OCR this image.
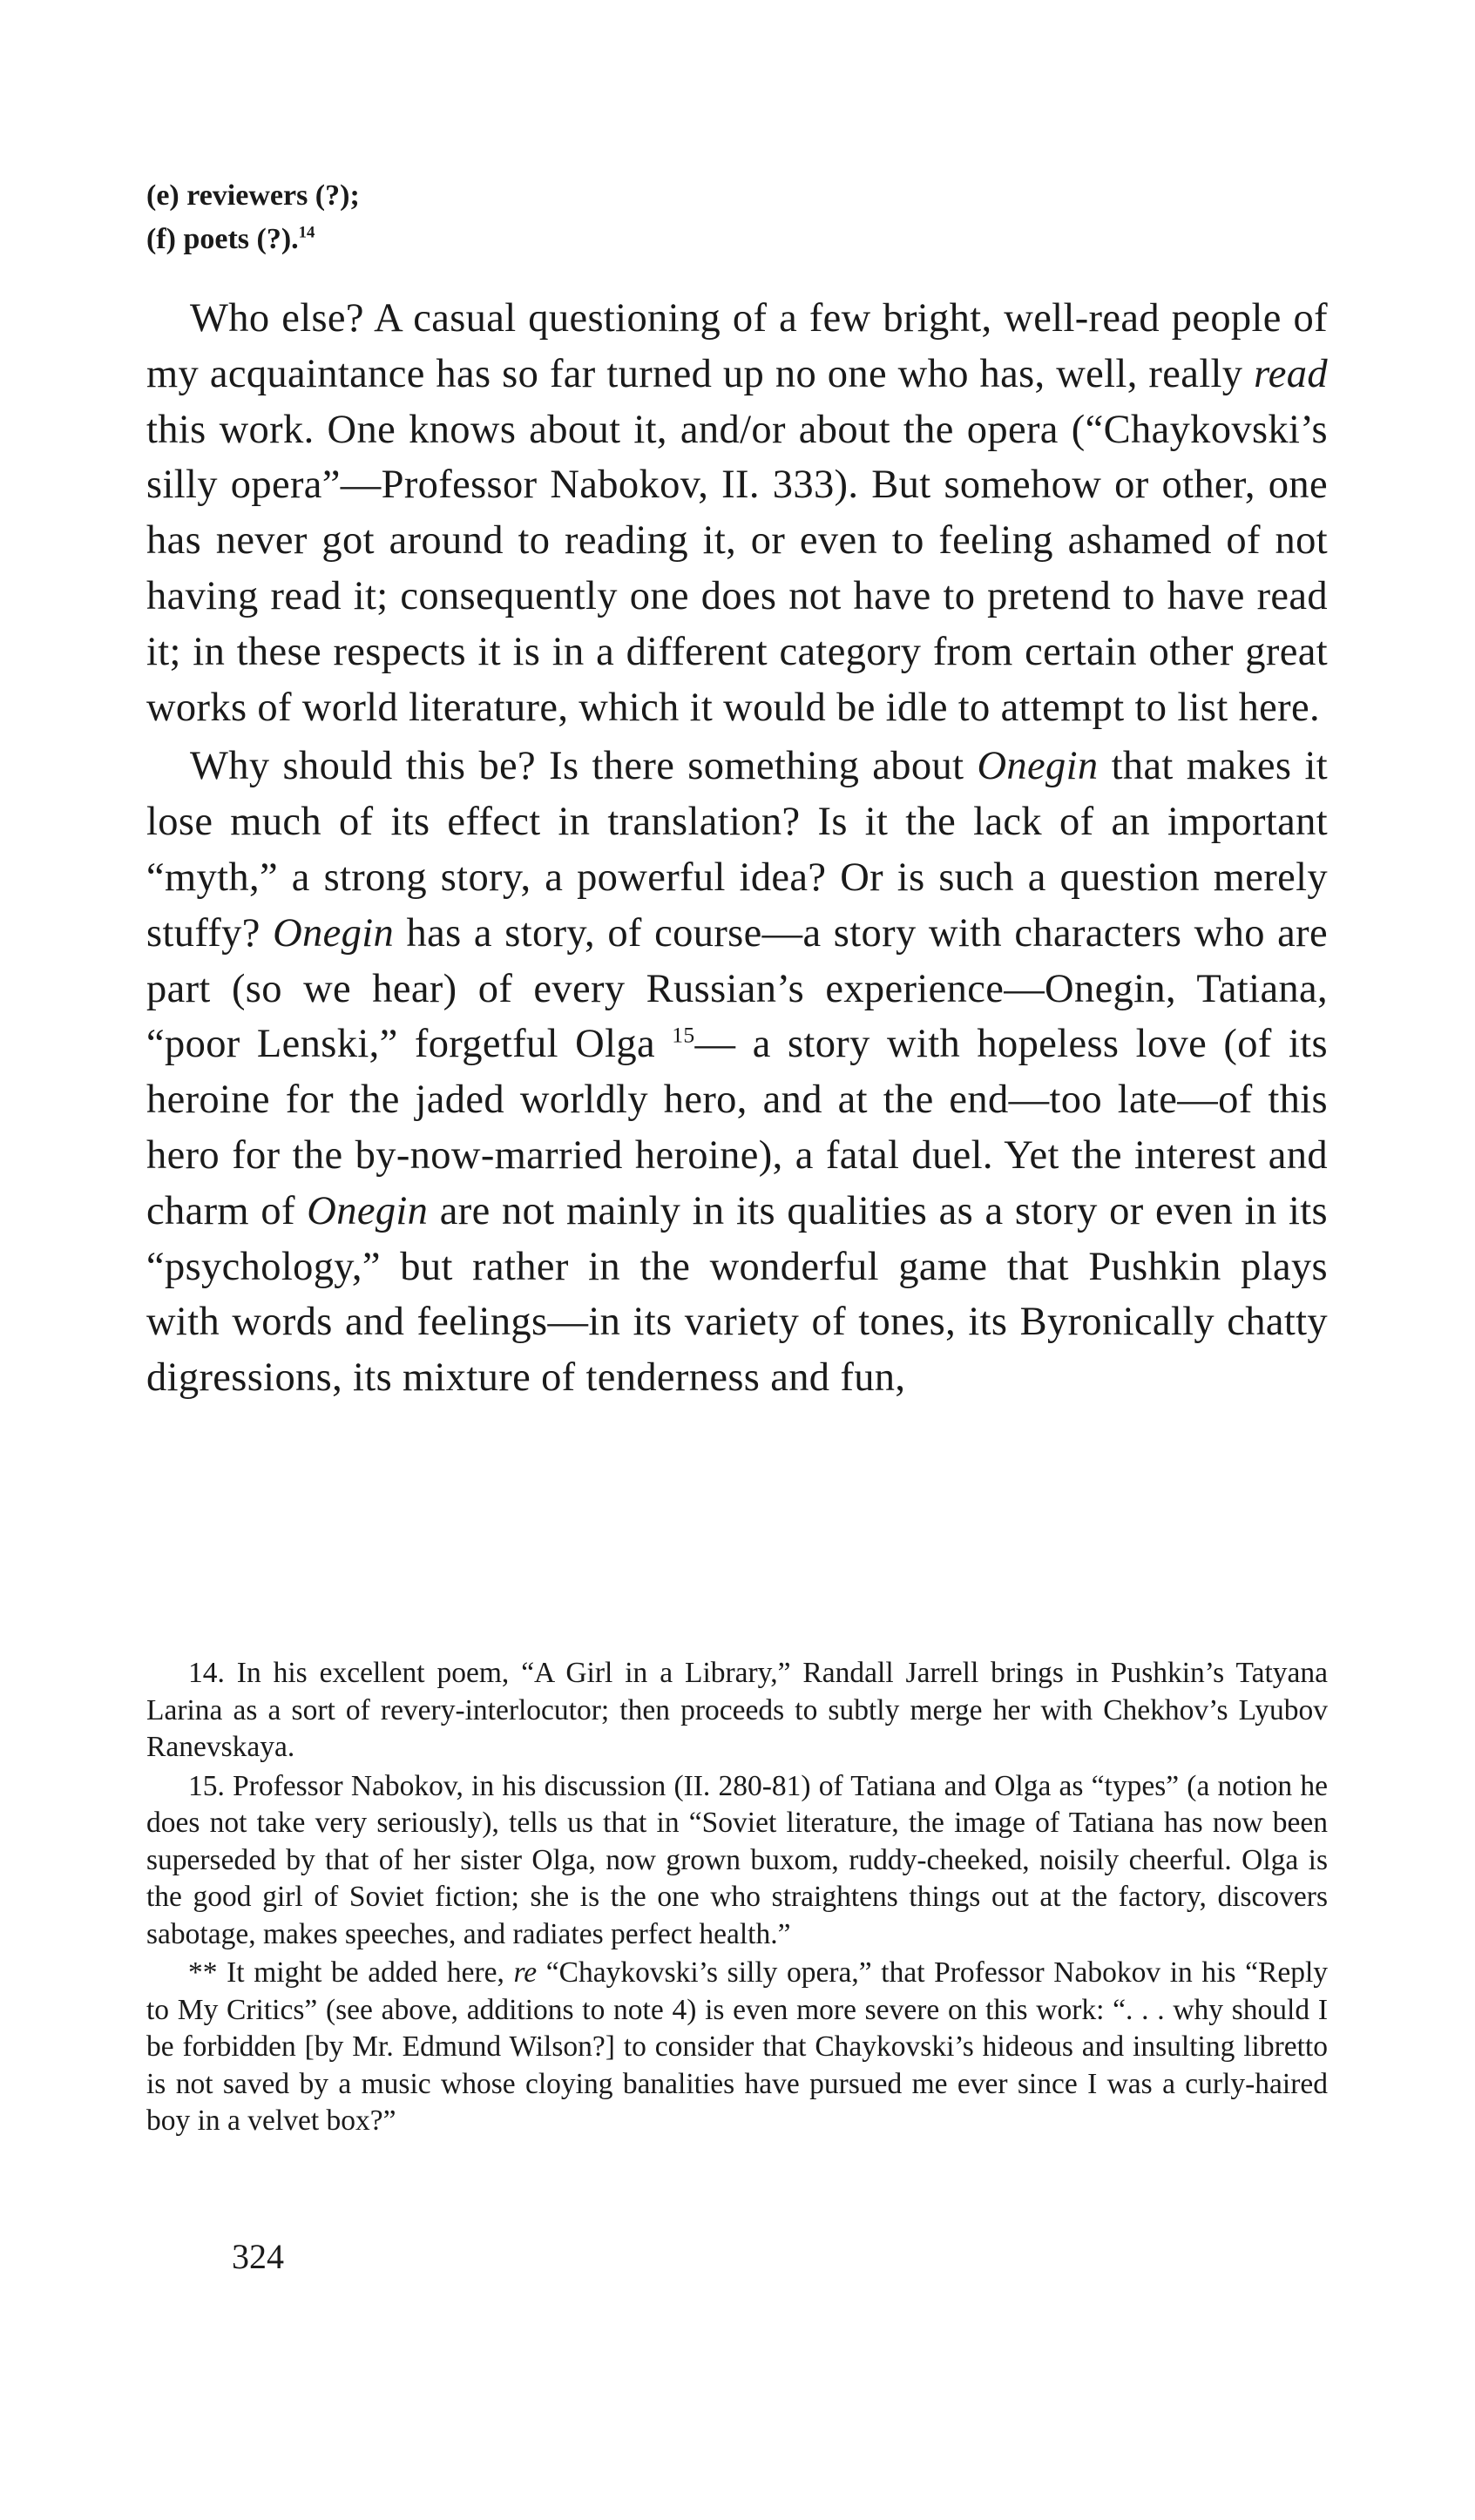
(e) reviewers (?);
(f) poets (?).$^{14}$

Who else? A casual questioning of a few bright, well-read people of my acquaintance has so far turned up no one who has, well, really read this work. One knows about it, and/or about the opera (“Chaykovski’s silly opera”—Professor Nabokov, II. 333). But somehow or other, one has never got around to reading it, or even to feeling ashamed of not having read it; consequently one does not have to pretend to have read it; in these respects it is in a different category from certain other great works of world literature, which it would be idle to attempt to list here.

Why should this be? Is there something about Onegin that makes it lose much of its effect in translation? Is it the lack of an important “myth,” a strong story, a powerful idea? Or is such a question merely stuffy? Onegin has a story, of course—a story with characters who are part (so we hear) of every Russian’s experience—Onegin, Tatiana, “poor Lenski,” forgetful Olga $^{15}$— a story with hopeless love (of its heroine for the jaded worldly hero, and at the end—too late—of this hero for the by-now-married heroine), a fatal duel. Yet the interest and charm of Onegin are not mainly in its qualities as a story or even in its “psychology,” but rather in the wonderful game that Pushkin plays with words and feelings—in its variety of tones, its Byronically chatty digressions, its mixture of tenderness and fun,

14. In his excellent poem, “A Girl in a Library,” Randall Jarrell brings in Pushkin’s Tatyana Larina as a sort of revery-interlocutor; then proceeds to subtly merge her with Chekhov’s Lyubov Ranevskaya.

15. Professor Nabokov, in his discussion (II. 280-81) of Tatiana and Olga as “types” (a notion he does not take very seriously), tells us that in “Soviet literature, the image of Tatiana has now been superseded by that of her sister Olga, now grown buxom, ruddy-cheeked, noisily cheerful. Olga is the good girl of Soviet fiction; she is the one who straightens things out at the factory, discovers sabotage, makes speeches, and radiates perfect health.”

** It might be added here, re “Chaykovski’s silly opera,” that Professor Nabokov in his “Reply to My Critics” (see above, additions to note 4) is even more severe on this work: “. . . why should I be forbidden [by Mr. Edmund Wilson?] to consider that Chaykovski’s hideous and insulting libretto is not saved by a music whose cloying banalities have pursued me ever since I was a curly-haired boy in a velvet box?”

324
